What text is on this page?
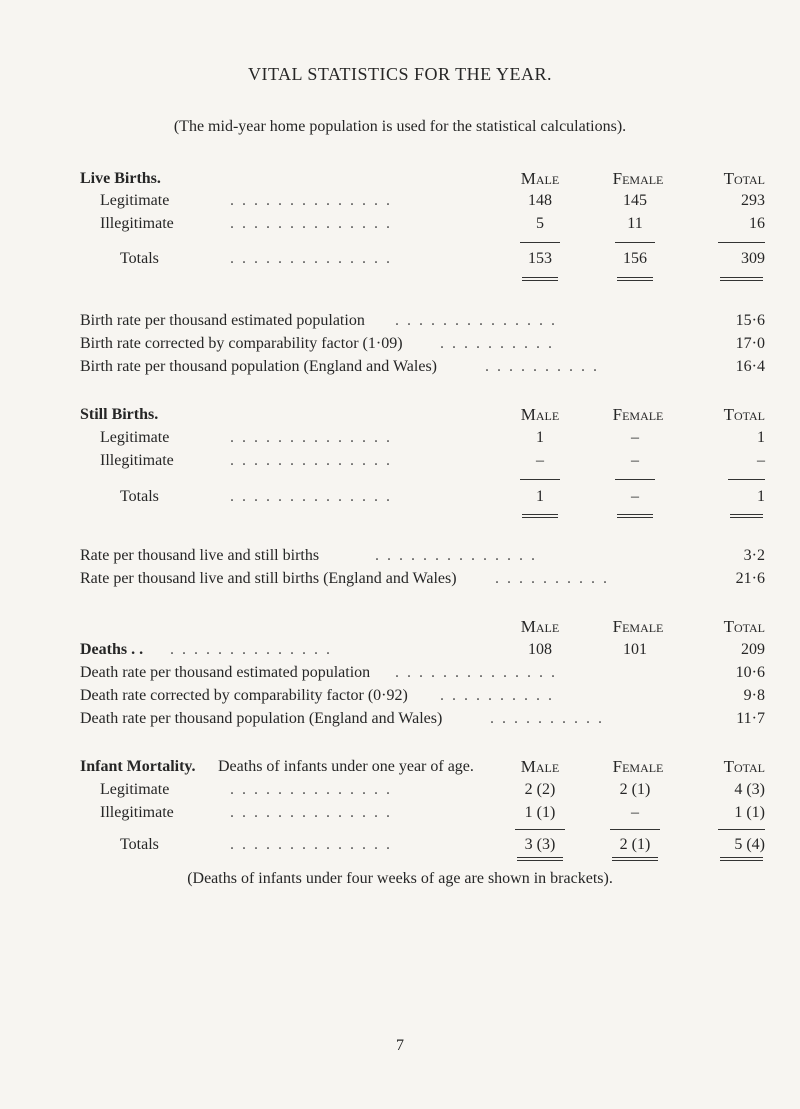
VITAL STATISTICS FOR THE YEAR.
(The mid-year home population is used for the statistical calculations).
Live Births.	Male	Female	Total
Legitimate	. . . . . . . . . . . . . .	148	145	293
Illegitimate	. . . . . . . . . . . . . .	5	11	16
Totals	. . . . . . . . . . . . . .	153	156	309
Birth rate per thousand estimated population . . . . . . . . . . . . . .	15·6
Birth rate corrected by comparability factor (1·09) . . . . . . . . . .	17·0
Birth rate per thousand population (England and Wales)	. . . . . . . . . .	16·4
Still Births.	Male	Female	Total
Legitimate	. . . . . . . . . . . . . .	1	–	1
Illegitimate	. . . . . . . . . . . . . .	–	–	–
Totals	. . . . . . . . . . . . . .	1	–	1
Rate per thousand live and still births	. . . . . . . . . . . . . .	3·2
Rate per thousand live and still births (England and Wales) . . . . . . . . . .	21·6
Male	Female	Total
Deaths . . . . . . . . . . . . . . . .	108	101	209
Death rate per thousand estimated population . . . . . . . . . . . . . .	10·6
Death rate corrected by comparability factor (0·92) . . . . . . . . . .	9·8
Death rate per thousand population (England and Wales)	. . . . . . . . . .	11·7
Infant Mortality. Deaths of infants under one year of age.	Male	Female	Total
Legitimate	. . . . . . . . . . . . . .	2 (2)	2 (1)	4 (3)
Illegitimate	. . . . . . . . . . . . . .	1 (1)	–	1 (1)
Totals	. . . . . . . . . . . . . .	3 (3)	2 (1)	5 (4)
(Deaths of infants under four weeks of age are shown in brackets).
7
